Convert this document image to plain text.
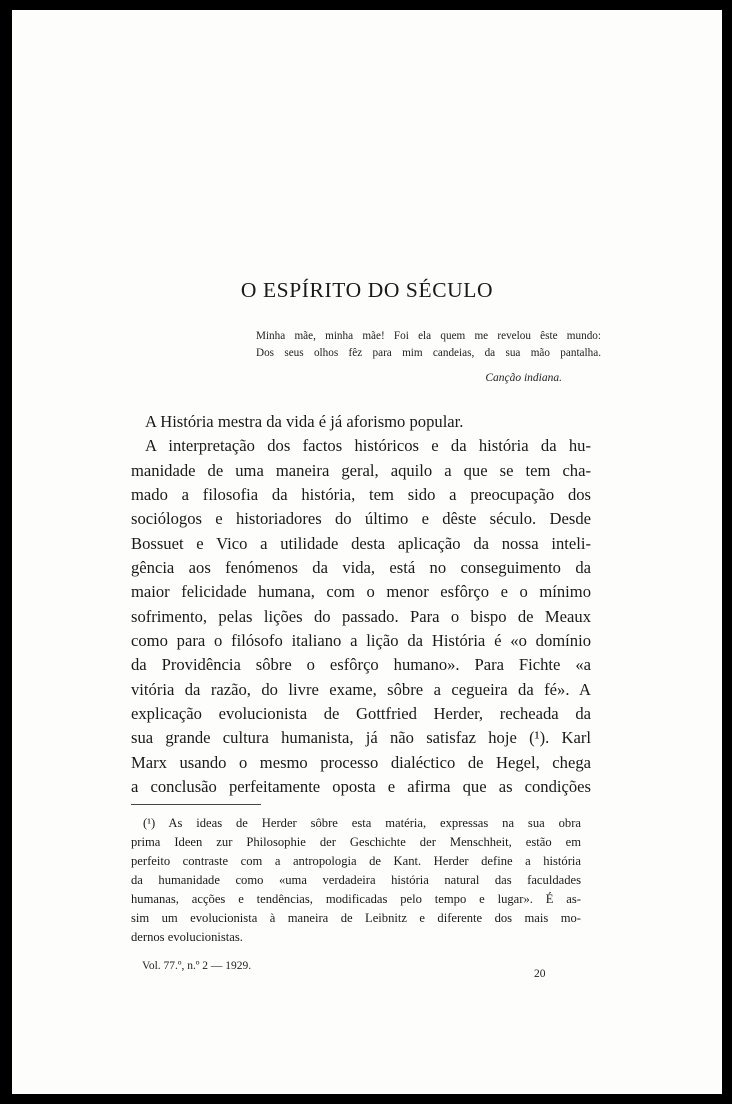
O ESPÍRITO DO SÉCULO
Minha mãe, minha mãe! Foi ela quem me revelou êste mundo:
Dos seus olhos fêz para mim candeias, da sua mão pantalha.
Canção indiana.

A História mestra da vida é já aforismo popular.

A interpretação dos factos históricos e da história da hu-
manidade de uma maneira geral, aquilo a que se tem cha-
mado a filosofia da história, tem sido a preocupação dos
sociólogos e historiadores do último e dêste século. Desde
Bossuet e Vico a utilidade desta aplicação da nossa inteli-
gência aos fenómenos da vida, está no conseguimento da
maior felicidade humana, com o menor esfôrço e o mínimo
sofrimento, pelas lições do passado. Para o bispo de Meaux
como para o filósofo italiano a lição da História é «o domínio
da Providência sôbre o esfôrço humano». Para Fichte «a
vitória da razão, do livre exame, sôbre a cegueira da fé». A
explicação evolucionista de Gottfried Herder, recheada da
sua grande cultura humanista, já não satisfaz hoje (¹). Karl
Marx usando o mesmo processo dialéctico de Hegel, chega
a conclusão perfeitamente oposta e afirma que as condições
(¹) As ideas de Herder sôbre esta matéria, expressas na sua obra
prima Ideen zur Philosophie der Geschichte der Menschheit, estão em
perfeito contraste com a antropologia de Kant. Herder define a história
da humanidade como «uma verdadeira história natural das faculdades
humanas, acções e tendências, modificadas pelo tempo e lugar». É as-
sim um evolucionista à maneira de Leibnitz e diferente dos mais mo-
dernos evolucionistas.
Vol. 77.º, n.º 2 — 1929.
20
